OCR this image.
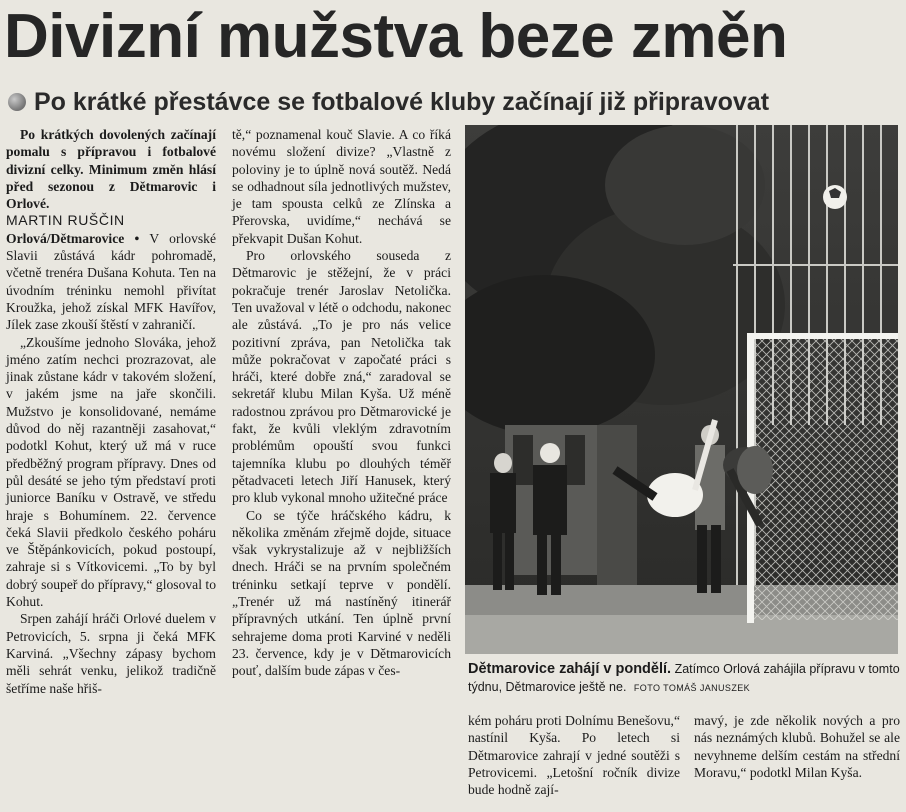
Divizní mužstva beze změn
Po krátké přestávce se fotbalové kluby začínají již připravovat

Po krátkých dovolených začínají pomalu s přípravou i fotbalové divizní celky. Minimum změn hlásí před sezonou z Dětmarovic i Orlové.

MARTIN RUŠČIN

Orlová/Dětmarovice • V orlovské Slavii zůstává kádr pohromadě, včetně trenéra Dušana Kohuta. Ten na úvodním tréninku nemohl přivítat Kroužka, jehož získal MFK Havířov, Jílek zase zkouší štěstí v zahraničí.

„Zkoušíme jednoho Slováka, jehož jméno zatím nechci prozrazovat, ale jinak zůstane kádr v takovém složení, v jakém jsme na jaře skončili. Mužstvo je konsolidované, nemáme důvod do něj razantněji zasahovat,“ podotkl Kohut, který už má v ruce předběžný program přípravy. Dnes od půl desáté se jeho tým představí proti juniorce Baníku v Ostravě, ve středu hraje s Bohumínem. 22. července čeká Slavii předkolo českého poháru ve Štěpánkovicích, pokud postoupí, zahraje si s Vítkovicemi. „To by byl dobrý soupeř do přípravy,“ glosoval to Kohut.

Srpen zahájí hráči Orlové duelem v Petrovicích, 5. srpna ji čeká MFK Karviná. „Všechny zápasy bychom měli sehrát venku, jelikož tradičně šetříme naše hřiš-

tě,“ poznamenal kouč Slavie. A co říká novému složení divize? „Vlastně z poloviny je to úplně nová soutěž. Nedá se odhadnout síla jednotlivých mužstev, je tam spousta celků ze Zlínska a Přerovska, uvidíme,“ nechává se překvapit Dušan Kohut.

Pro orlovského souseda z Dětmarovic je stěžejní, že v práci pokračuje trenér Jaroslav Netolička. Ten uvažoval v létě o odchodu, nakonec ale zůstává. „To je pro nás velice pozitivní zpráva, pan Netolička tak může pokračovat v započaté práci s hráči, které dobře zná,“ zaradoval se sekretář klubu Milan Kyša. Už méně radostnou zprávou pro Dětmarovické je fakt, že kvůli vleklým zdravotním problémům opouští svou funkci tajemníka klubu po dlouhých téměř pětadvaceti letech Jiří Hanusek, který pro klub vykonal mnoho užitečné práce

Co se týče hráčského kádru, k několika změnám zřejmě dojde, situace však vykrystalizuje až v nejbližších dnech. Hráči se na prvním společném tréninku setkají teprve v pondělí. „Trenér už má nastíněný itinerář přípravných utkání. Ten úplně první sehrajeme doma proti Karviné v neděli 23. července, kdy je v Dětmarovicích pouť, dalším bude zápas v čes-	Dětmarovice zahájí v pondělí. Zatímco Orlová zahájila přípravu v tomto týdnu, Dětmarovice ještě ne. FOTO TOMÁŠ JANUSZEK

kém poháru proti Dolnímu Benešovu,“ nastínil Kyša. Po letech si Dětmarovice zahrají v jedné soutěži s Petrovicemi. „Letošní ročník divize bude hodně zají-

mavý, je zde několik nových a pro nás neznámých klubů. Bohužel se ale nevyhneme delším cestám na střední Moravu,“ podotkl Milan Kyša.
